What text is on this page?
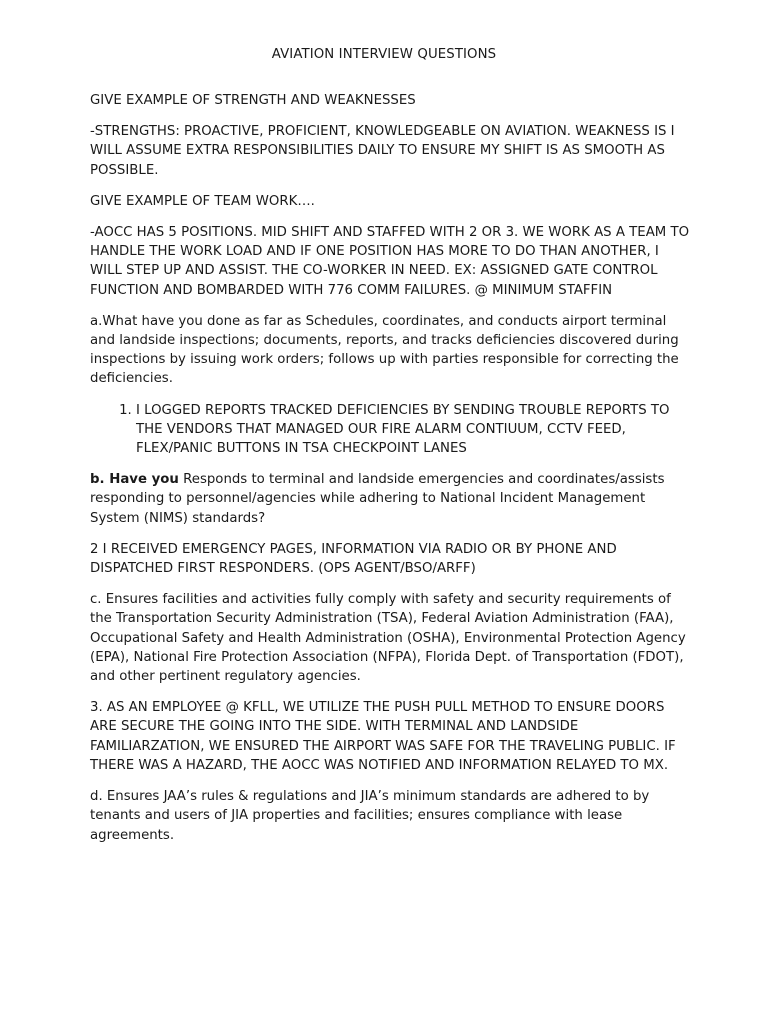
AVIATION INTERVIEW QUESTIONS

GIVE EXAMPLE OF STRENGTH AND WEAKNESSES

-STRENGTHS: PROACTIVE, PROFICIENT, KNOWLEDGEABLE ON AVIATION. WEAKNESS IS I WILL ASSUME EXTRA RESPONSIBILITIES DAILY TO ENSURE MY SHIFT IS AS SMOOTH AS POSSIBLE.

GIVE EXAMPLE OF TEAM WORK….

-AOCC HAS 5 POSITIONS. MID SHIFT AND STAFFED WITH 2 OR 3. WE WORK AS A TEAM TO HANDLE THE WORK LOAD AND IF ONE POSITION HAS MORE TO DO THAN ANOTHER, I WILL STEP UP AND ASSIST. THE CO-WORKER IN NEED. EX: ASSIGNED GATE CONTROL FUNCTION AND BOMBARDED WITH 776 COMM FAILURES. @ MINIMUM STAFFIN

a.What have you done as far as Schedules, coordinates, and conducts airport terminal and landside inspections; documents, reports, and tracks deficiencies discovered during inspections by issuing work orders; follows up with parties responsible for correcting the deficiencies.

1. I LOGGED REPORTS TRACKED DEFICIENCIES BY SENDING TROUBLE REPORTS TO THE VENDORS THAT MANAGED OUR FIRE ALARM CONTIUUM, CCTV FEED, FLEX/PANIC BUTTONS IN TSA CHECKPOINT LANES

b. Have you Responds to terminal and landside emergencies and coordinates/assists responding to personnel/agencies while adhering to National Incident Management System (NIMS) standards?

2 I RECEIVED EMERGENCY PAGES, INFORMATION VIA RADIO OR BY PHONE AND DISPATCHED FIRST RESPONDERS. (OPS AGENT/BSO/ARFF)

c. Ensures facilities and activities fully comply with safety and security requirements of the Transportation Security Administration (TSA), Federal Aviation Administration (FAA), Occupational Safety and Health Administration (OSHA), Environmental Protection Agency (EPA), National Fire Protection Association (NFPA), Florida Dept. of Transportation (FDOT), and other pertinent regulatory agencies.

3. AS AN EMPLOYEE @ KFLL, WE UTILIZE THE PUSH PULL METHOD TO ENSURE DOORS ARE SECURE THE GOING INTO THE SIDE. WITH TERMINAL AND LANDSIDE FAMILIARZATION, WE ENSURED THE AIRPORT WAS SAFE FOR THE TRAVELING PUBLIC. IF THERE WAS A HAZARD, THE AOCC WAS NOTIFIED AND INFORMATION RELAYED TO MX.

d. Ensures JAA’s rules & regulations and JIA’s minimum standards are adhered to by tenants and users of JIA properties and facilities; ensures compliance with lease agreements.
